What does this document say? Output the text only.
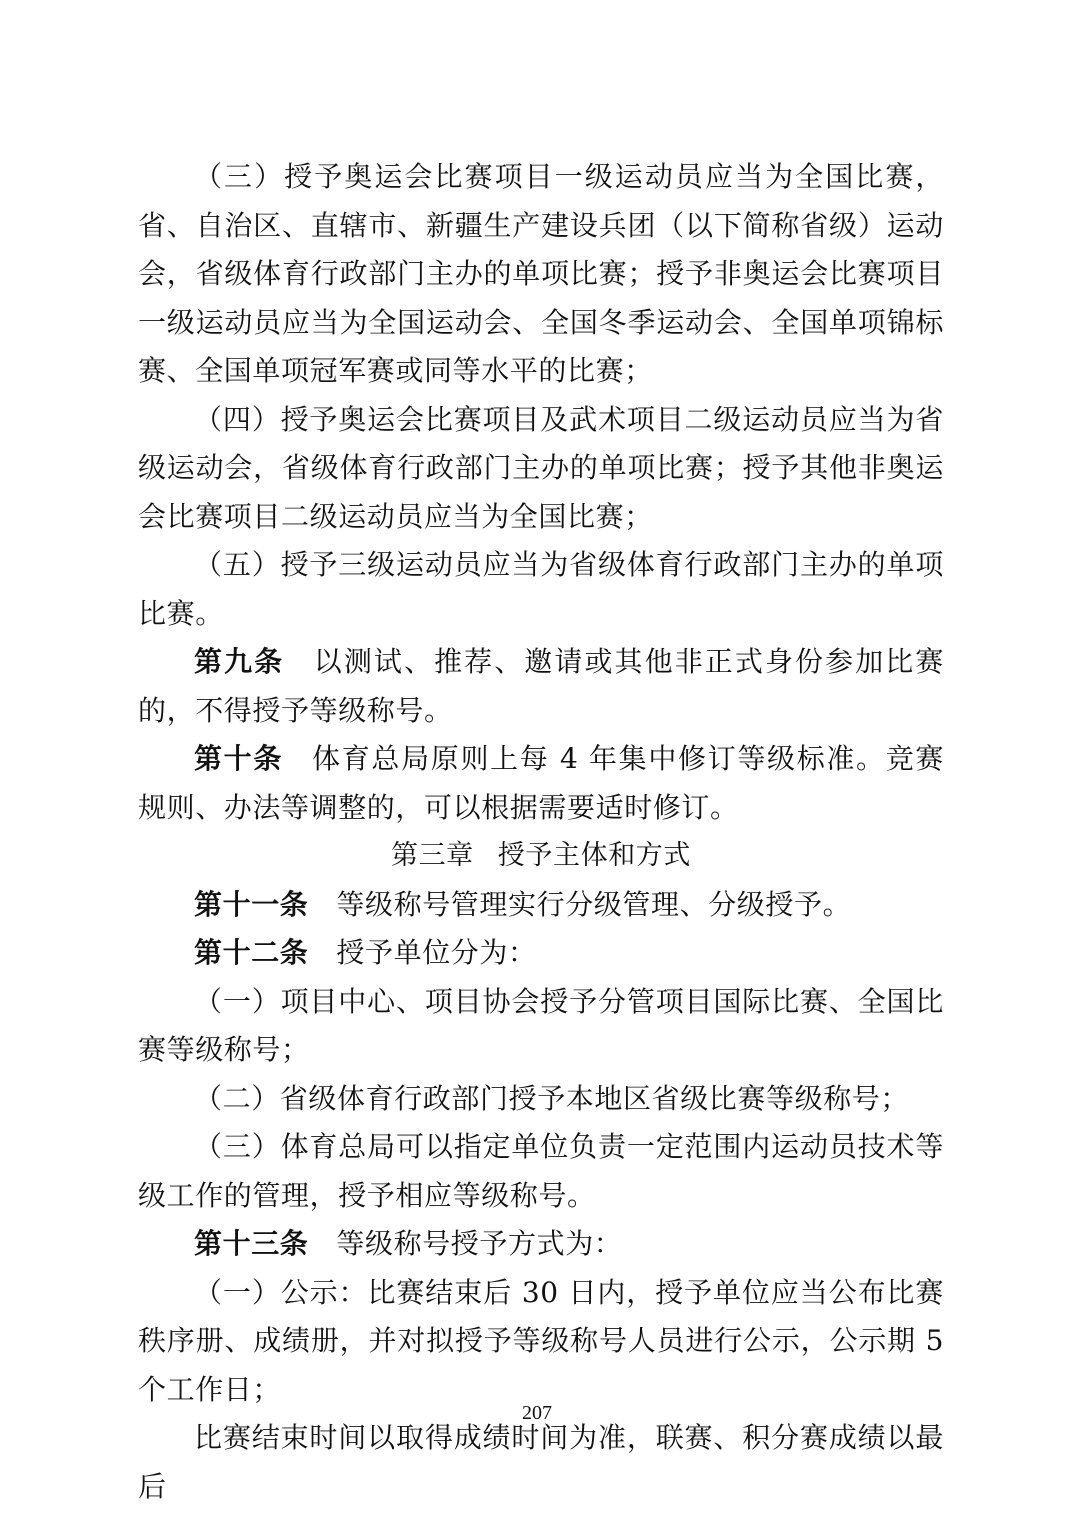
（三）授予奥运会比赛项目一级运动员应当为全国比赛，省、自治区、直辖市、新疆生产建设兵团（以下简称省级）运动会，省级体育行政部门主办的单项比赛；授予非奥运会比赛项目一级运动员应当为全国运动会、全国冬季运动会、全国单项锦标赛、全国单项冠军赛或同等水平的比赛；

（四）授予奥运会比赛项目及武术项目二级运动员应当为省级运动会，省级体育行政部门主办的单项比赛；授予其他非奥运会比赛项目二级运动员应当为全国比赛；

（五）授予三级运动员应当为省级体育行政部门主办的单项比赛。

第九条 以测试、推荐、邀请或其他非正式身份参加比赛的，不得授予等级称号。

第十条 体育总局原则上每 4 年集中修订等级标准。竞赛规则、办法等调整的，可以根据需要适时修订。

第三章 授予主体和方式

第十一条 等级称号管理实行分级管理、分级授予。

第十二条 授予单位分为：

（一）项目中心、项目协会授予分管项目国际比赛、全国比赛等级称号；

（二）省级体育行政部门授予本地区省级比赛等级称号；

（三）体育总局可以指定单位负责一定范围内运动员技术等级工作的管理，授予相应等级称号。

第十三条 等级称号授予方式为：

（一）公示：比赛结束后 30 日内，授予单位应当公布比赛秩序册、成绩册，并对拟授予等级称号人员进行公示，公示期 5 个工作日；

比赛结束时间以取得成绩时间为准，联赛、积分赛成绩以最后

207
